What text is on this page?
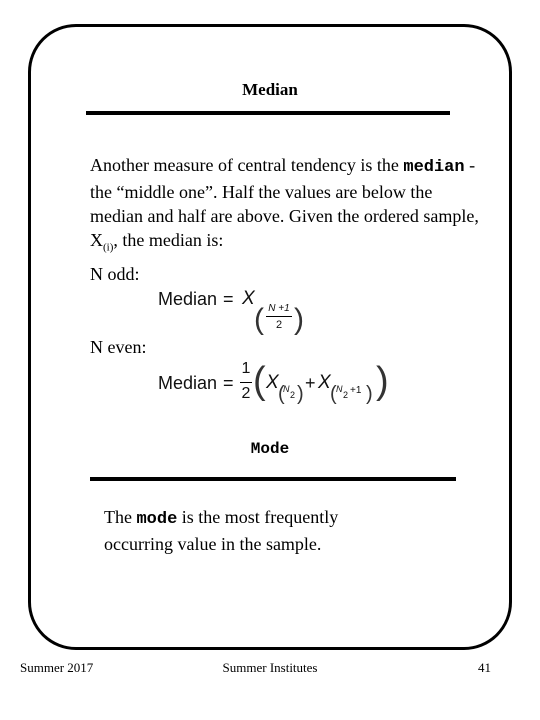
Median
Another measure of central tendency is the median - the “middle one”. Half the values are below the median and half are above. Given the ordered sample, $X_{(i)}$, the median is:
N odd:
Median = X
( N +1
2 )
N even:
Median =
1
2 ( X
(
N
2 ) + X
( N
2 +1 ) )
Mode
The mode is the most frequently occurring value in the sample.
Summer 2017	Summer Institutes	41
